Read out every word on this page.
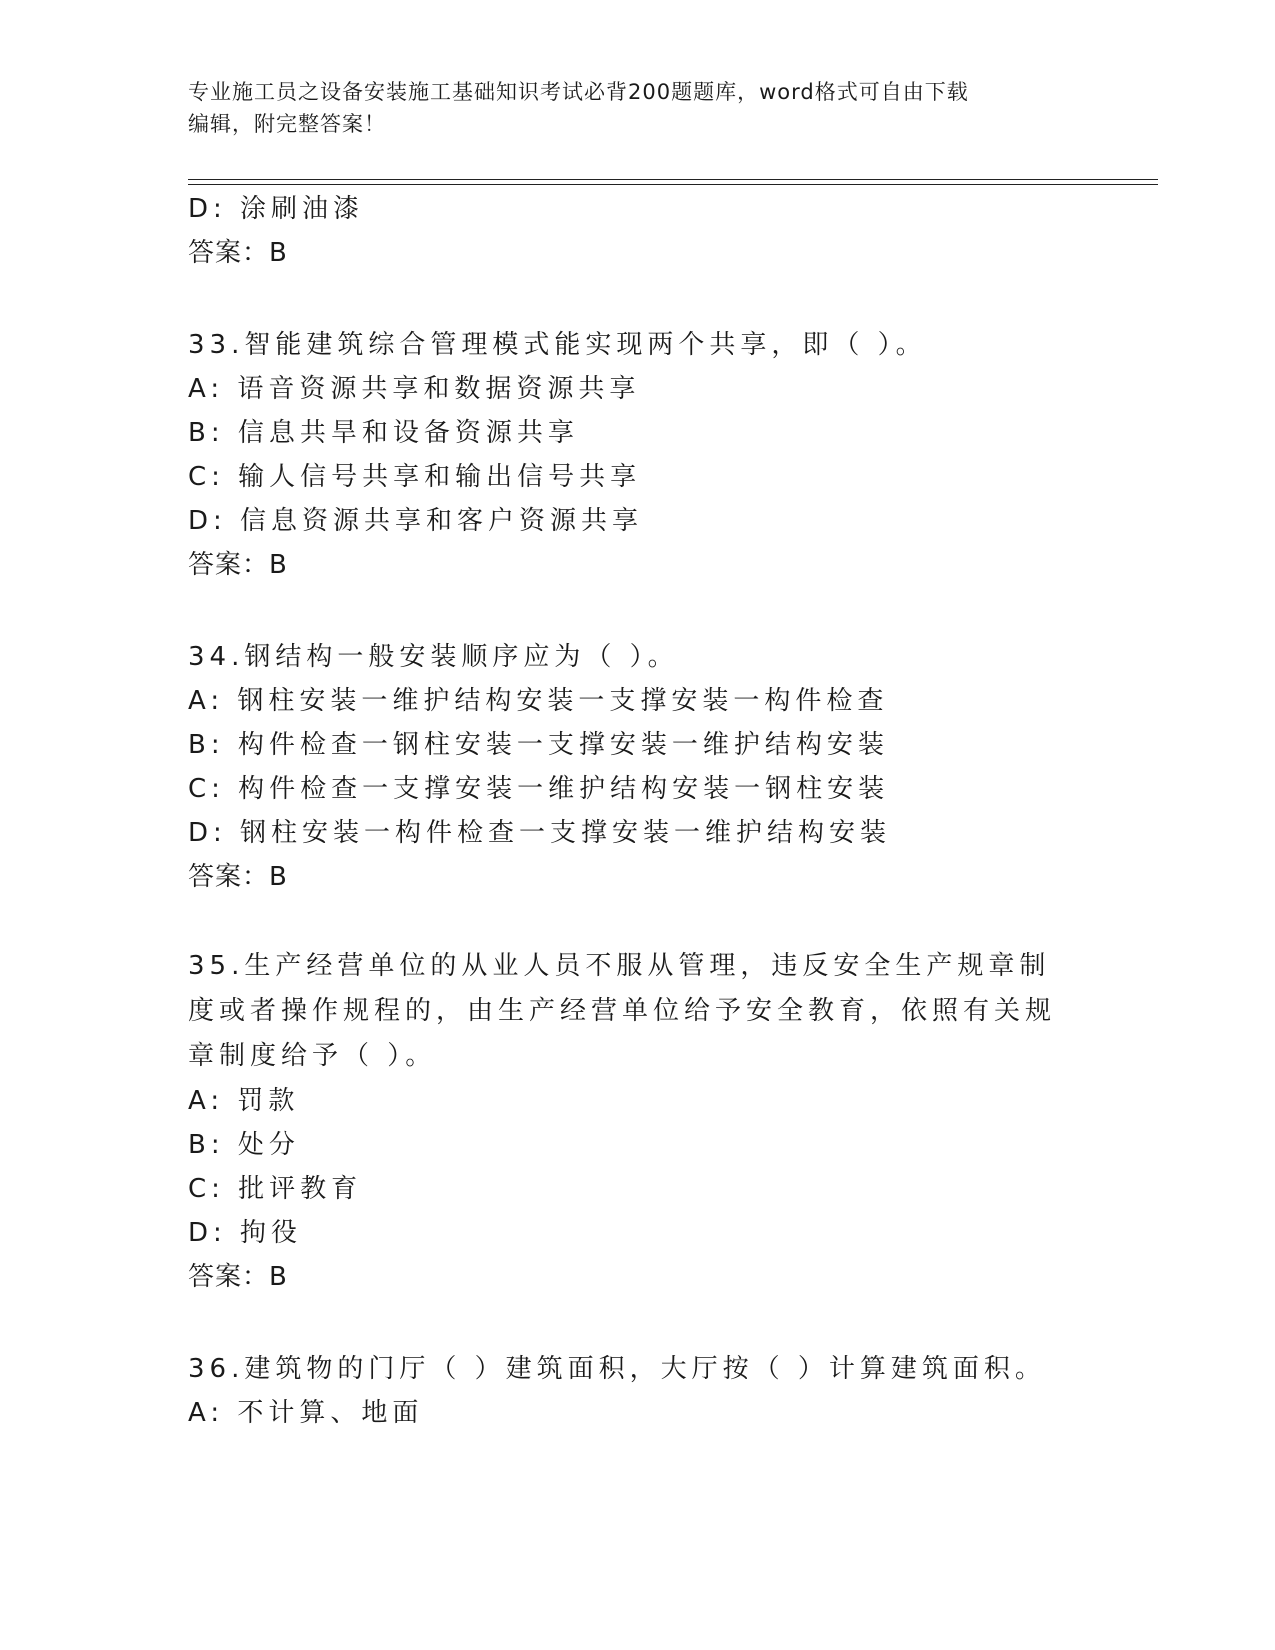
专业施工员之设备安装施工基础知识考试必背200题题库，word格式可自由下载
编辑，附完整答案！
D: 涂刷油漆
答案：B
33.智能建筑综合管理模式能实现两个共享，即（ ）。
A: 语音资源共享和数据资源共享
B: 信息共旱和设备资源共享
C: 输人信号共享和输出信号共享
D: 信息资源共享和客户资源共享
答案：B
34.钢结构一般安装顺序应为（ ）。
A: 钢柱安装一维护结构安装一支撑安装一构件检查
B: 构件检查一钢柱安装一支撑安装一维护结构安装
C: 构件检查一支撑安装一维护结构安装一钢柱安装
D: 钢柱安装一构件检查一支撑安装一维护结构安装
答案：B
35.生产经营单位的从业人员不服从管理，违反安全生产规章制度或者操作规程的，由生产经营单位给予安全教育，依照有关规章制度给予（ ）。
A: 罚款
B: 处分
C: 批评教育
D: 拘役
答案：B
36.建筑物的门厅（ ）建筑面积，大厅按（ ）计算建筑面积。
A: 不计算、地面
